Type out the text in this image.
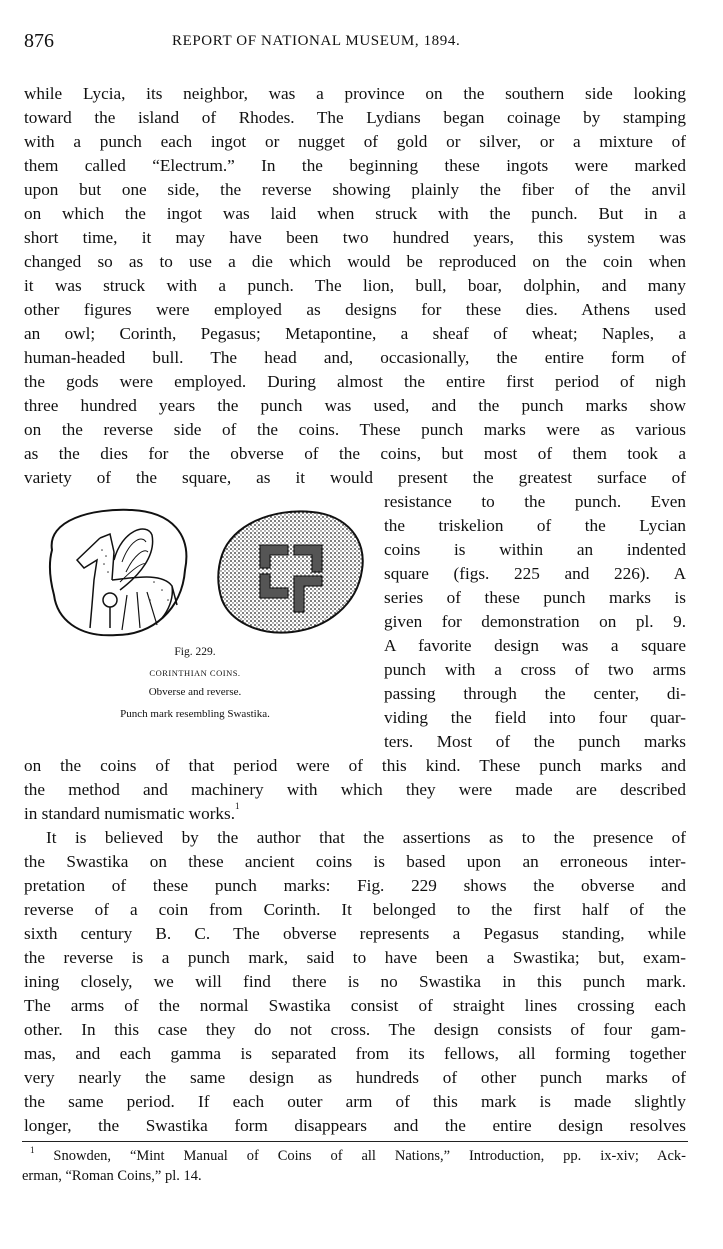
876	REPORT OF NATIONAL MUSEUM, 1894.
while Lycia, its neighbor, was a province on the southern side looking
toward the island of Rhodes. The Lydians began coinage by stamping
with a punch each ingot or nugget of gold or silver, or a mixture of
them called “Electrum.” In the beginning these ingots were marked
upon but one side, the reverse showing plainly the fiber of the anvil
on which the ingot was laid when struck with the punch. But in a
short time, it may have been two hundred years, this system was
changed so as to use a die which would be reproduced on the coin when
it was struck with a punch. The lion, bull, boar, dolphin, and many
other figures were employed as designs for these dies. Athens used
an owl; Corinth, Pegasus; Metapontine, a sheaf of wheat; Naples, a
human-headed bull. The head and, occasionally, the entire form of
the gods were employed. During almost the entire first period of nigh
three hundred years the punch was used, and the punch marks show
on the reverse side of the coins. These punch marks were as various
as the dies for the obverse of the coins, but most of them took a
variety of the square, as it would present the greatest surface of
resistance to the punch. Even
the triskelion of the Lycian
coins is within an indented
square (figs. 225 and 226). A
series of these punch marks is
given for demonstration on pl. 9.
A favorite design was a square
punch with a cross of two arms
passing through the center, di-
viding the field into four quar-
ters. Most of the punch marks
on the coins of that period were of this kind. These punch marks and
the method and machinery with which they were made are described
in standard numismatic works.$^1$
Fig. 229.
CORINTHIAN COINS.
Obverse and reverse.
Punch mark resembling Swastika.
It is believed by the author that the assertions as to the presence of
the Swastika on these ancient coins is based upon an erroneous inter-
pretation of these punch marks: Fig. 229 shows the obverse and
reverse of a coin from Corinth. It belonged to the first half of the
sixth century B. C. The obverse represents a Pegasus standing, while
the reverse is a punch mark, said to have been a Swastika; but, exam-
ining closely, we will find there is no Swastika in this punch mark.
The arms of the normal Swastika consist of straight lines crossing each
other. In this case they do not cross. The design consists of four gam-
mas, and each gamma is separated from its fellows, all forming together
very nearly the same design as hundreds of other punch marks of
the same period. If each outer arm of this mark is made slightly
longer, the Swastika form disappears and the entire design resolves
$^1$ Snowden, “Mint Manual of Coins of all Nations,” Introduction, pp. ix-xiv; Ack-
erman, “Roman Coins,” pl. 14.
